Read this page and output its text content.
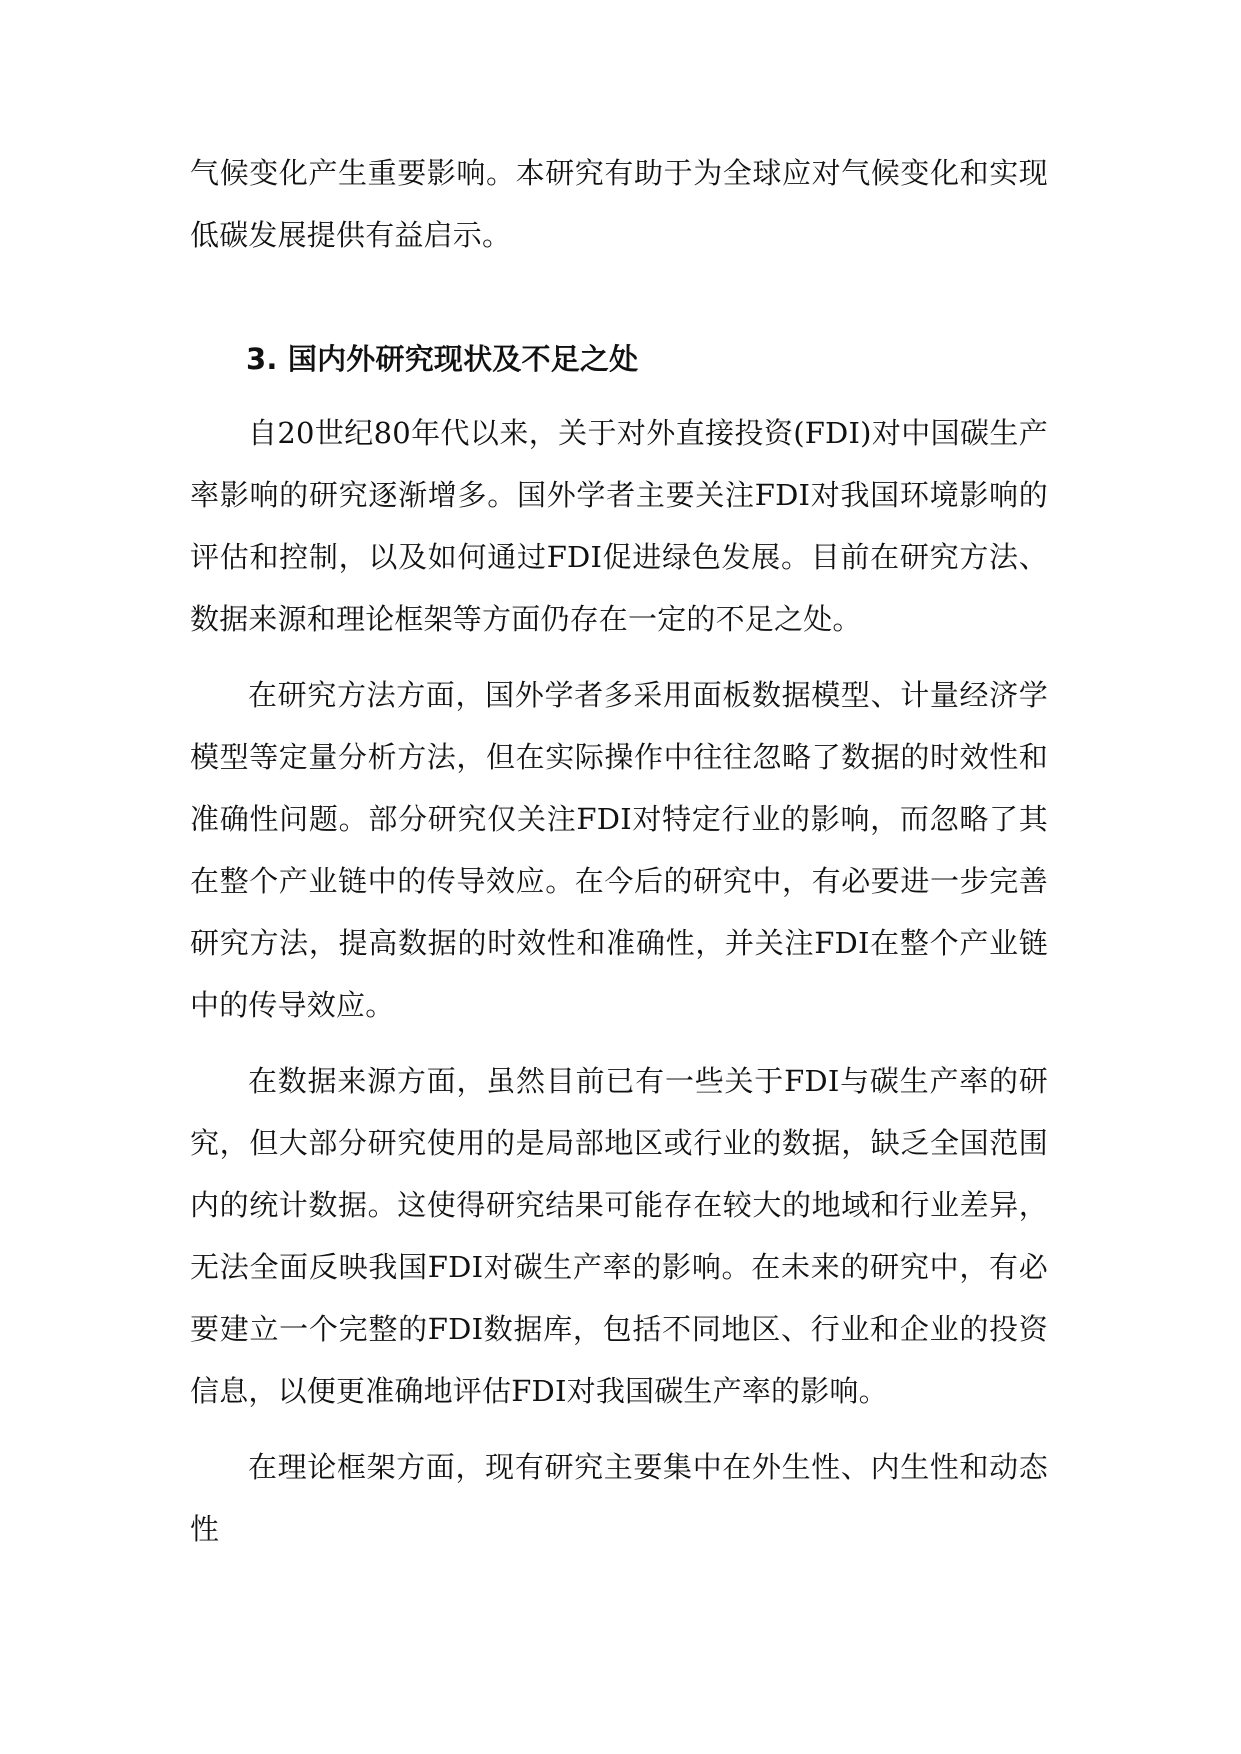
气候变化产生重要影响。本研究有助于为全球应对气候变化和实现低碳发展提供有益启示。

3. 国内外研究现状及不足之处

自20世纪80年代以来，关于对外直接投资(FDI)对中国碳生产率影响的研究逐渐增多。国外学者主要关注FDI对我国环境影响的评估和控制，以及如何通过FDI促进绿色发展。目前在研究方法、数据来源和理论框架等方面仍存在一定的不足之处。

在研究方法方面，国外学者多采用面板数据模型、计量经济学模型等定量分析方法，但在实际操作中往往忽略了数据的时效性和准确性问题。部分研究仅关注FDI对特定行业的影响，而忽略了其在整个产业链中的传导效应。在今后的研究中，有必要进一步完善研究方法，提高数据的时效性和准确性，并关注FDI在整个产业链中的传导效应。

在数据来源方面，虽然目前已有一些关于FDI与碳生产率的研究，但大部分研究使用的是局部地区或行业的数据，缺乏全国范围内的统计数据。这使得研究结果可能存在较大的地域和行业差异，无法全面反映我国FDI对碳生产率的影响。在未来的研究中，有必要建立一个完整的FDI数据库，包括不同地区、行业和企业的投资信息，以便更准确地评估FDI对我国碳生产率的影响。

在理论框架方面，现有研究主要集中在外生性、内生性和动态性
